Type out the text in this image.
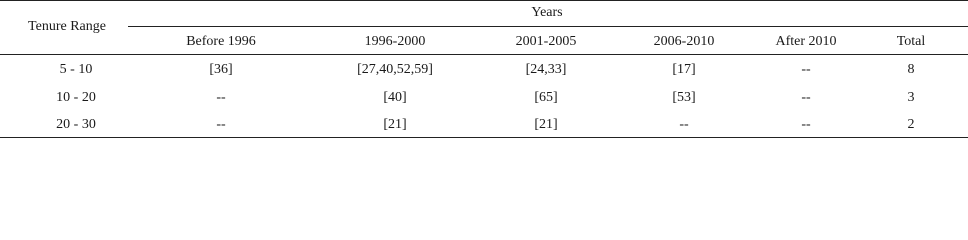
Tenure Range
Years
Before 1996	1996-2000	2001-2005	2006-2010	After 2010	Total
5 - 10	[36]	[27,40,52,59]	[24,33]	[17]	--	8
10 - 20	--	[40]	[65]	[53]	--	3
20 - 30	--	[21]	[21]	--	--	2
